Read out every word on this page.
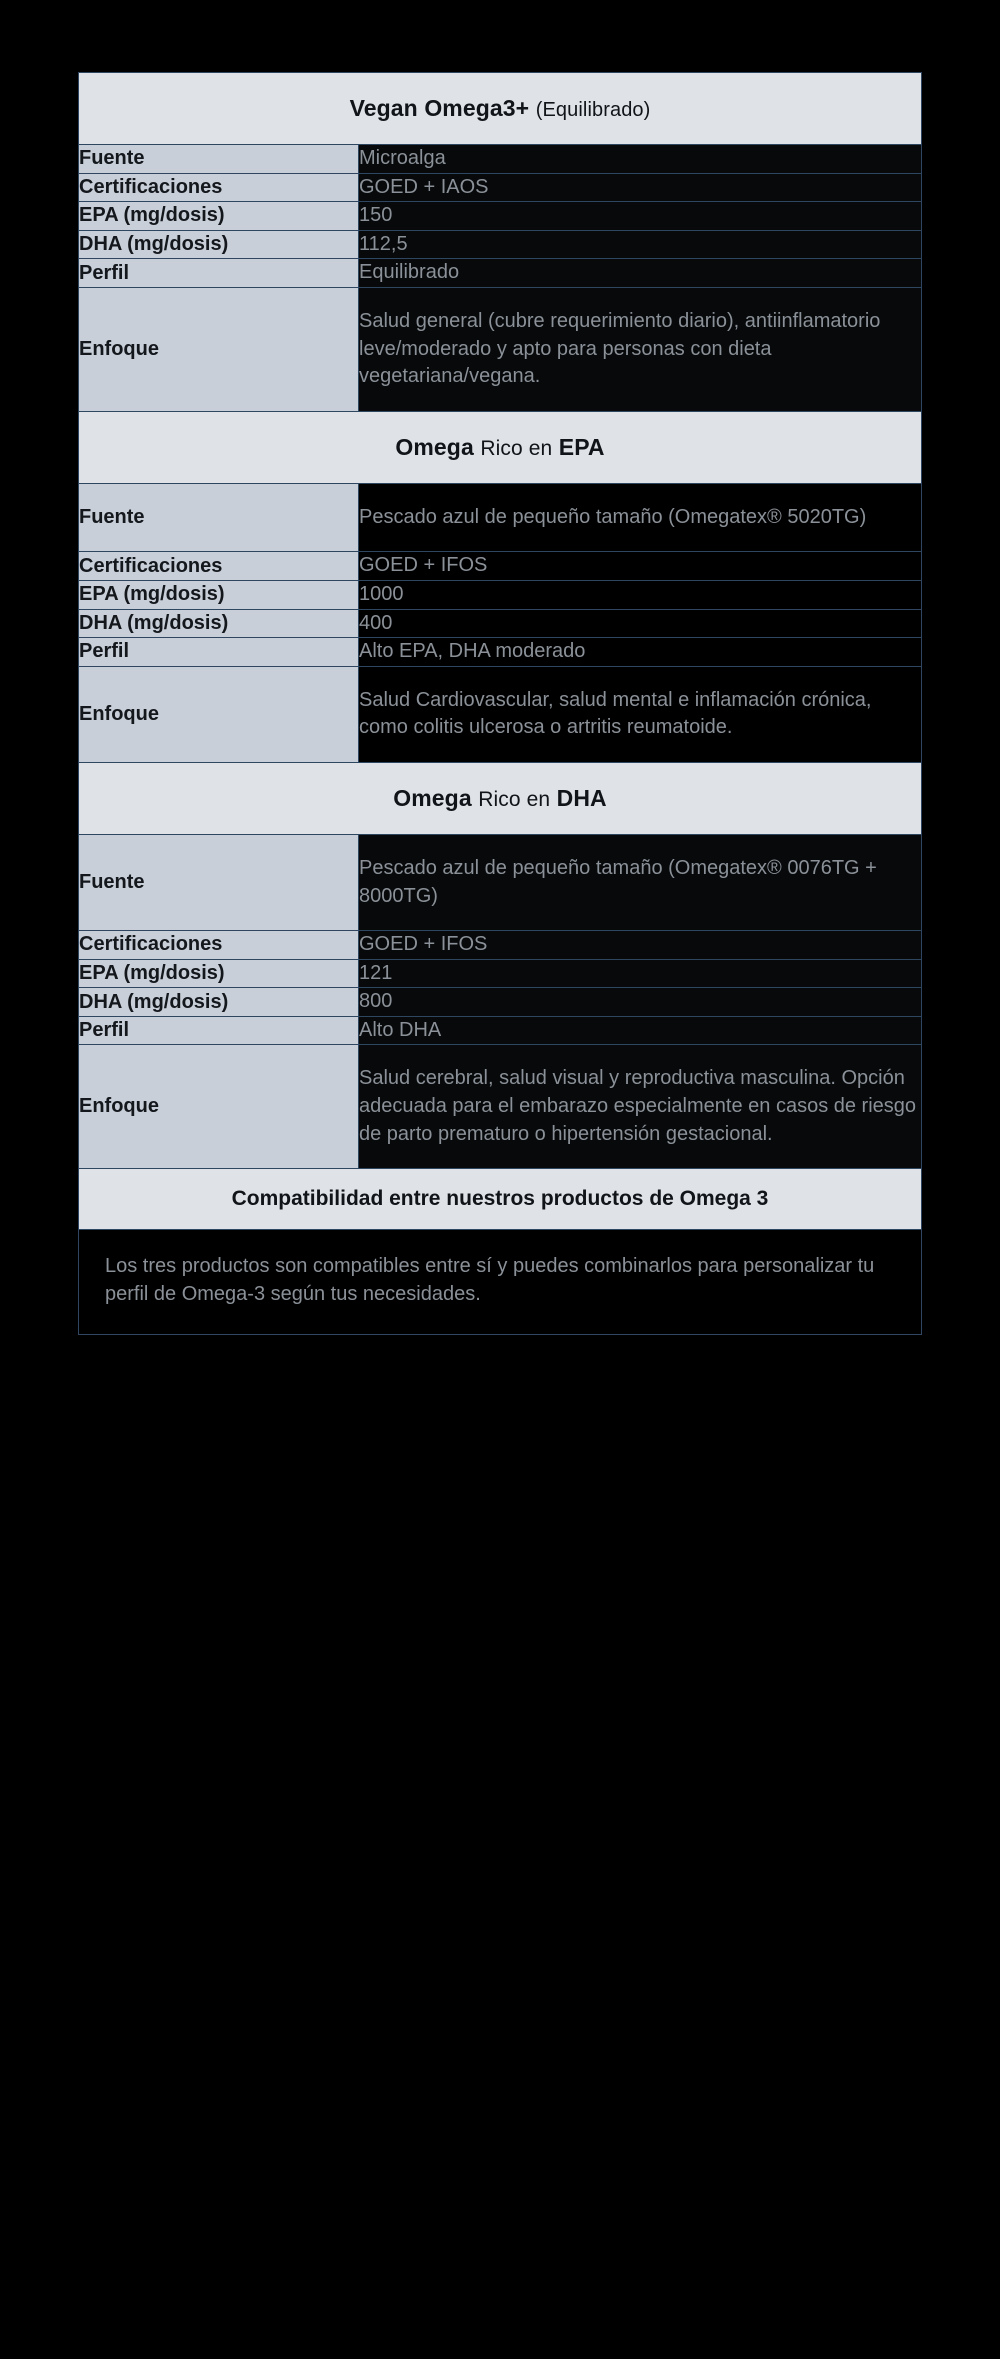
Vegan Omega3+ (Equilibrado)	
Fuente	Microalga
Certificaciones	GOED + IAOS
EPA (mg/dosis)	150
DHA (mg/dosis)	112,5
Perfil	Equilibrado
Enfoque	Salud general (cubre requerimiento diario), antiinflamatorio leve/moderado y apto para personas con dieta vegetariana/vegana.
Omega Rico en EPA	
Fuente	Pescado azul de pequeño tamaño (Omegatex® 5020TG)
Certificaciones	GOED + IFOS
EPA (mg/dosis)	1000
DHA (mg/dosis)	400
Perfil	Alto EPA, DHA moderado
Enfoque	Salud Cardiovascular, salud mental e inflamación crónica, como colitis ulcerosa o artritis reumatoide.
Omega Rico en DHA	
Fuente	Pescado azul de pequeño tamaño (Omegatex® 0076TG + 8000TG)
Certificaciones	GOED + IFOS
EPA (mg/dosis)	121
DHA (mg/dosis)	800
Perfil	Alto DHA
Enfoque	Salud cerebral, salud visual y reproductiva masculina. Opción adecuada para el embarazo especialmente en casos de riesgo de parto prematuro o hipertensión gestacional.
Compatibilidad entre nuestros productos de Omega 3	
Los tres productos son compatibles entre sí y puedes combinarlos para personalizar tu perfil de Omega-3 según tus necesidades.	
